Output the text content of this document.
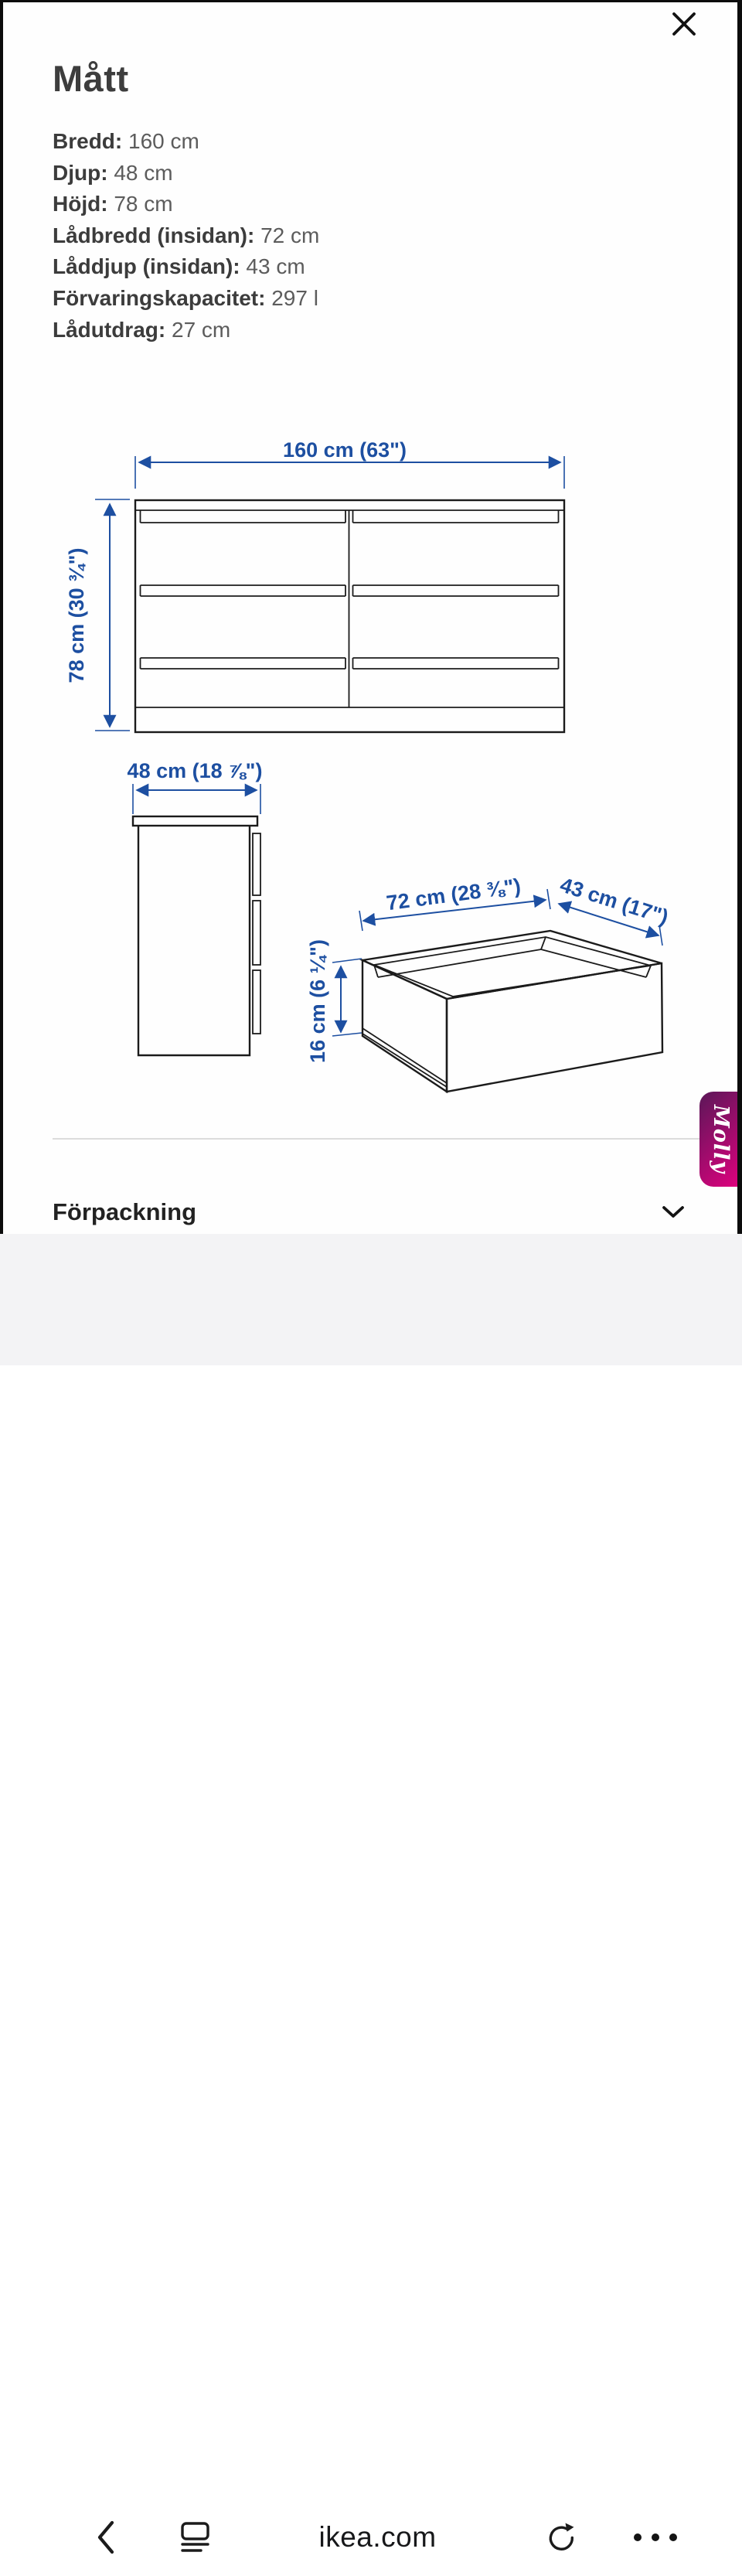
Mått
Bredd: 160 cm
Djup: 48 cm
Höjd: 78 cm
Lådbredd (insidan): 72 cm
Låddjup (insidan): 43 cm
Förvaringskapacitet: 297 l
Lådutdrag: 27 cm
160 cm (63")
78 cm (30 ¾")
48 cm (18 ⅞")
72 cm (28 ⅜") 43 cm (17")
16 cm (6 ¼")
Förpackning
Molly
ikea.com
